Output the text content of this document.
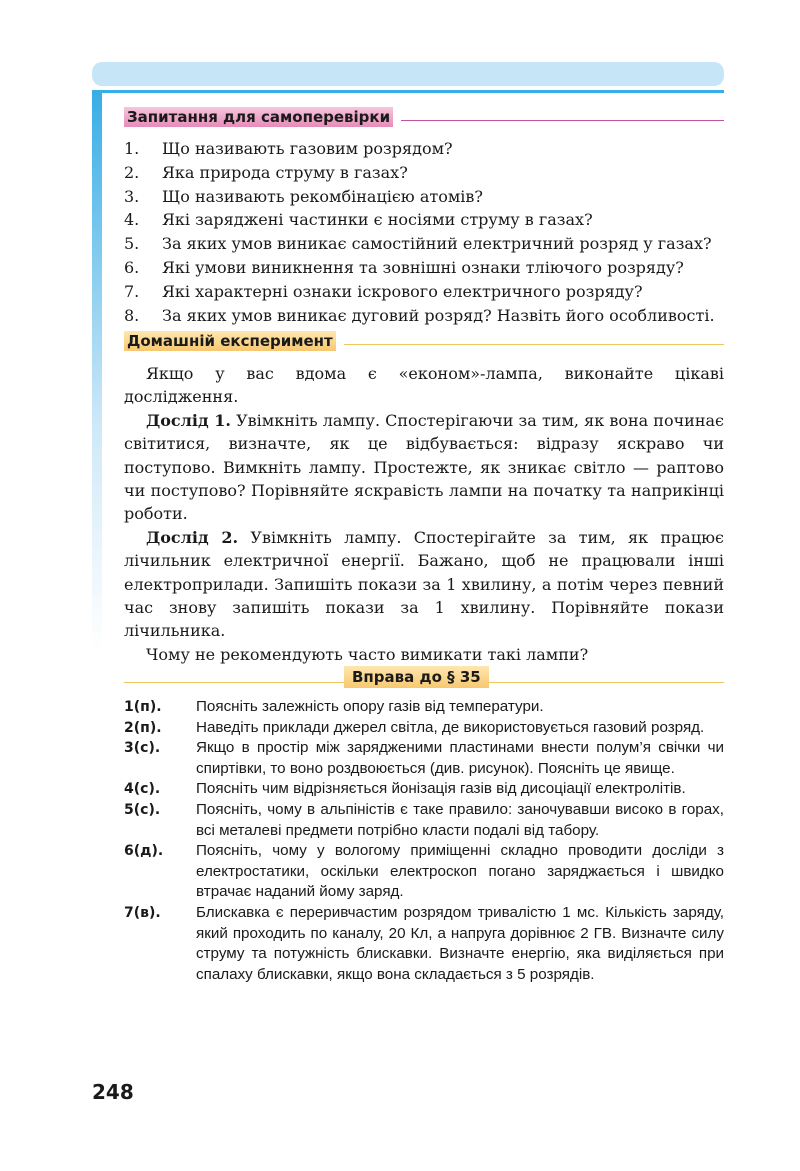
Запитання для самоперевірки
1.	Що називають газовим розрядом?
2.	Яка природа струму в газах?
3.	Що називають рекомбінацією атомів?
4.	Які заряджені частинки є носіями струму в газах?
5.	За яких умов виникає самостійний електричний розряд у газах?
6.	Які умови виникнення та зовнішні ознаки тліючого розряду?
7.	Які характерні ознаки іскрового електричного розряду?
8.	За яких умов виникає дуговий розряд? Назвіть його особливості.
Домашній експеримент

Якщо у вас вдома є «економ»-лампа, виконайте цікаві дослідження.

Дослід 1. Увімкніть лампу. Спостерігаючи за тим, як вона починає світитися, визначте, як це відбувається: відразу яскраво чи поступово. Вимкніть лампу. Простежте, як зникає світло — раптово чи поступово? Порівняйте яскравість лампи на початку та наприкінці роботи.

Дослід 2. Увімкніть лампу. Спостерігайте за тим, як працює лічильник електричної енергії. Бажано, щоб не працювали інші електроприлади. Запишіть покази за 1 хвилину, а потім через певний час знову запишіть покази за 1 хвилину. Порівняйте покази лічильника.

Чому не рекомендують часто вимикати такі лампи?

Вправа до § 35
1(п).	Поясніть залежність опору газів від температури.
2(п).	Наведіть приклади джерел світла, де використовується газовий розряд.
3(с).	Якщо в простір між зарядженими пластинами внести полум’я свічки чи спиртівки, то воно роздвоюється (див. рисунок). Поясніть це явище.
4(с).	Поясніть чим відрізняється йонізація газів від дисоціації електролітів.
5(с).	Поясніть, чому в альпіністів є таке правило: заночувавши високо в горах, всі металеві предмети потрібно класти подалі від табору.
6(д).	Поясніть, чому у вологому приміщенні складно проводити досліди з електростатики, оскільки електроскоп погано заряджається і швидко втрачає наданий йому заряд.
7(в).	Блискавка є переривчастим розрядом тривалістю 1 мс. Кількість заряду, який проходить по каналу, 20 Кл, а напруга дорівнює 2 ГВ. Визначте силу струму та потужність блискавки. Визначте енергію, яка виділяється при спалаху блискавки, якщо вона складається з 5 розрядів.
248
